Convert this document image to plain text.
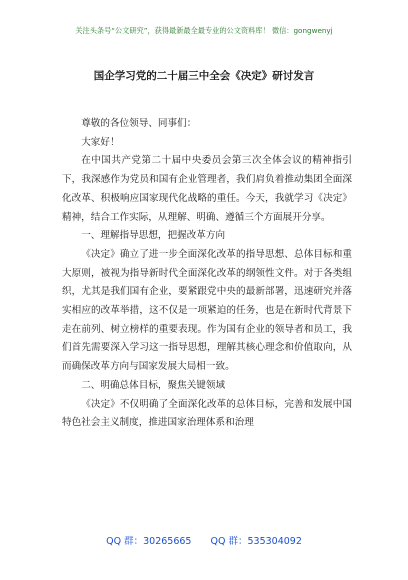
关注头条号“公文研究”，获得最新最全最专业的公文资料库！ 微信：gongwenyj
国企学习党的二十届三中全会《决定》研讨发言

尊敬的各位领导、同事们：

大家好！

在中国共产党第二十届中央委员会第三次全体会议的精神指引下，我深感作为党员和国有企业管理者，我们肩负着推动集团全面深化改革、积极响应国家现代化战略的重任。今天，我就学习《决定》精神，结合工作实际，从理解、明确、遵循三个方面展开分享。

一、理解指导思想，把握改革方向

《决定》确立了进一步全面深化改革的指导思想、总体目标和重大原则，被视为指导新时代全面深化改革的纲领性文件。对于各类组织，尤其是我们国有企业，要紧跟党中央的最新部署，迅速研究并落实相应的改革举措，这不仅是一项紧迫的任务，也是在新时代背景下走在前列、树立榜样的重要表现。作为国有企业的领导者和员工，我们首先需要深入学习这一指导思想，理解其核心理念和价值取向，从而确保改革方向与国家发展大局相一致。

二、明确总体目标，聚焦关键领域

《决定》不仅明确了全面深化改革的总体目标，完善和发展中国特色社会主义制度，推进国家治理体系和治理

QQ 群：30265665 QQ 群：535304092
